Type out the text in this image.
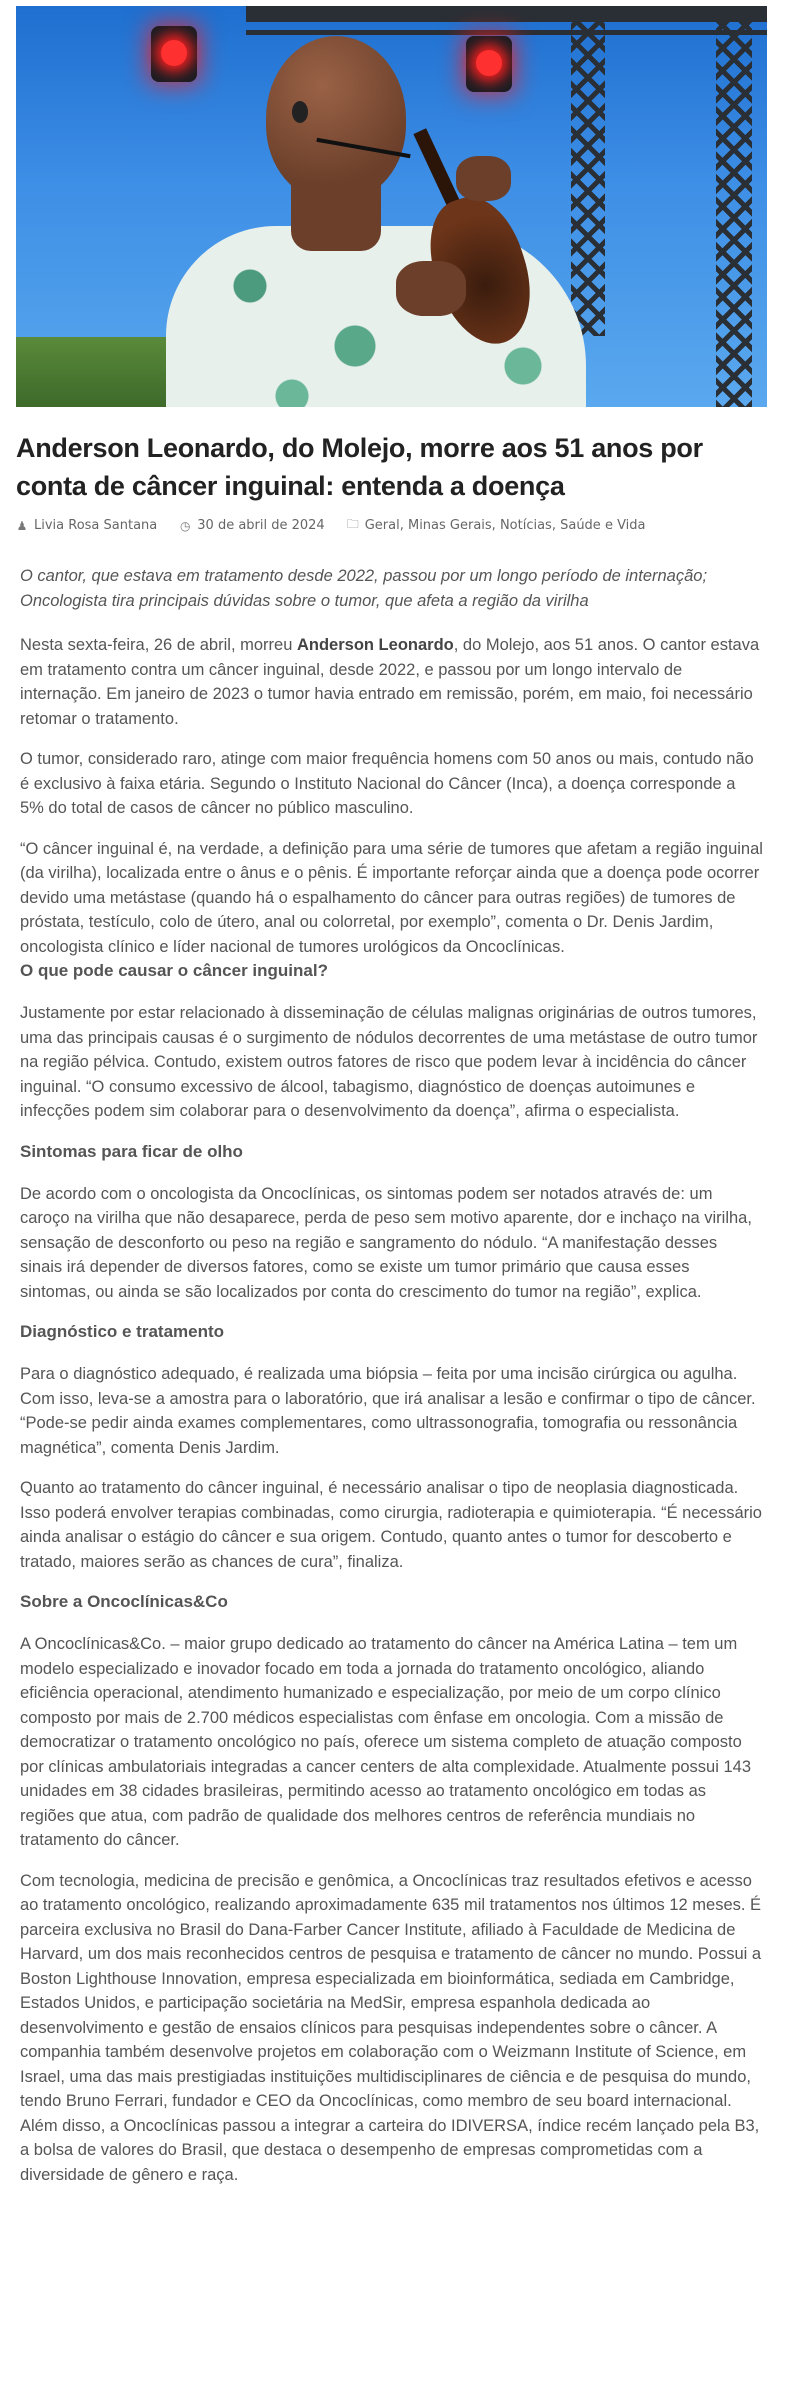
Anderson Leonardo, do Molejo, morre aos 51 anos por conta de câncer inguinal: entenda a doença
♟ Livia Rosa Santana ◷ 30 de abril de 2024 🗀 Geral, Minas Gerais, Notícias, Saúde e Vida

O cantor, que estava em tratamento desde 2022, passou por um longo período de internação; Oncologista tira principais dúvidas sobre o tumor, que afeta a região da virilha

Nesta sexta-feira, 26 de abril, morreu Anderson Leonardo, do Molejo, aos 51 anos. O cantor estava em tratamento contra um câncer inguinal, desde 2022, e passou por um longo intervalo de internação. Em janeiro de 2023 o tumor havia entrado em remissão, porém, em maio, foi necessário retomar o tratamento.

O tumor, considerado raro, atinge com maior frequência homens com 50 anos ou mais, contudo não é exclusivo à faixa etária. Segundo o Instituto Nacional do Câncer (Inca), a doença corresponde a 5% do total de casos de câncer no público masculino.

“O câncer inguinal é, na verdade, a definição para uma série de tumores que afetam a região inguinal (da virilha), localizada entre o ânus e o pênis. É importante reforçar ainda que a doença pode ocorrer devido uma metástase (quando há o espalhamento do câncer para outras regiões) de tumores de próstata, testículo, colo de útero, anal ou colorretal, por exemplo”, comenta o Dr. Denis Jardim, oncologista clínico e líder nacional de tumores urológicos da Oncoclínicas.

O que pode causar o câncer inguinal?

Justamente por estar relacionado à disseminação de células malignas originárias de outros tumores, uma das principais causas é o surgimento de nódulos decorrentes de uma metástase de outro tumor na região pélvica. Contudo, existem outros fatores de risco que podem levar à incidência do câncer inguinal. “O consumo excessivo de álcool, tabagismo, diagnóstico de doenças autoimunes e infecções podem sim colaborar para o desenvolvimento da doença”, afirma o especialista.

Sintomas para ficar de olho

De acordo com o oncologista da Oncoclínicas, os sintomas podem ser notados através de: um caroço na virilha que não desaparece, perda de peso sem motivo aparente, dor e inchaço na virilha, sensação de desconforto ou peso na região e sangramento do nódulo. “A manifestação desses sinais irá depender de diversos fatores, como se existe um tumor primário que causa esses sintomas, ou ainda se são localizados por conta do crescimento do tumor na região”, explica.

Diagnóstico e tratamento

Para o diagnóstico adequado, é realizada uma biópsia – feita por uma incisão cirúrgica ou agulha. Com isso, leva-se a amostra para o laboratório, que irá analisar a lesão e confirmar o tipo de câncer. “Pode-se pedir ainda exames complementares, como ultrassonografia, tomografia ou ressonância magnética”, comenta Denis Jardim.

Quanto ao tratamento do câncer inguinal, é necessário analisar o tipo de neoplasia diagnosticada. Isso poderá envolver terapias combinadas, como cirurgia, radioterapia e quimioterapia. “É necessário ainda analisar o estágio do câncer e sua origem. Contudo, quanto antes o tumor for descoberto e tratado, maiores serão as chances de cura”, finaliza.

Sobre a Oncoclínicas&Co

A Oncoclínicas&Co. – maior grupo dedicado ao tratamento do câncer na América Latina – tem um modelo especializado e inovador focado em toda a jornada do tratamento oncológico, aliando eficiência operacional, atendimento humanizado e especialização, por meio de um corpo clínico composto por mais de 2.700 médicos especialistas com ênfase em oncologia. Com a missão de democratizar o tratamento oncológico no país, oferece um sistema completo de atuação composto por clínicas ambulatoriais integradas a cancer centers de alta complexidade. Atualmente possui 143 unidades em 38 cidades brasileiras, permitindo acesso ao tratamento oncológico em todas as regiões que atua, com padrão de qualidade dos melhores centros de referência mundiais no tratamento do câncer.

Com tecnologia, medicina de precisão e genômica, a Oncoclínicas traz resultados efetivos e acesso ao tratamento oncológico, realizando aproximadamente 635 mil tratamentos nos últimos 12 meses. É parceira exclusiva no Brasil do Dana-Farber Cancer Institute, afiliado à Faculdade de Medicina de Harvard, um dos mais reconhecidos centros de pesquisa e tratamento de câncer no mundo. Possui a Boston Lighthouse Innovation, empresa especializada em bioinformática, sediada em Cambridge, Estados Unidos, e participação societária na MedSir, empresa espanhola dedicada ao desenvolvimento e gestão de ensaios clínicos para pesquisas independentes sobre o câncer. A companhia também desenvolve projetos em colaboração com o Weizmann Institute of Science, em Israel, uma das mais prestigiadas instituições multidisciplinares de ciência e de pesquisa do mundo, tendo Bruno Ferrari, fundador e CEO da Oncoclínicas, como membro de seu board internacional. Além disso, a Oncoclínicas passou a integrar a carteira do IDIVERSA, índice recém lançado pela B3, a bolsa de valores do Brasil, que destaca o desempenho de empresas comprometidas com a diversidade de gênero e raça.
